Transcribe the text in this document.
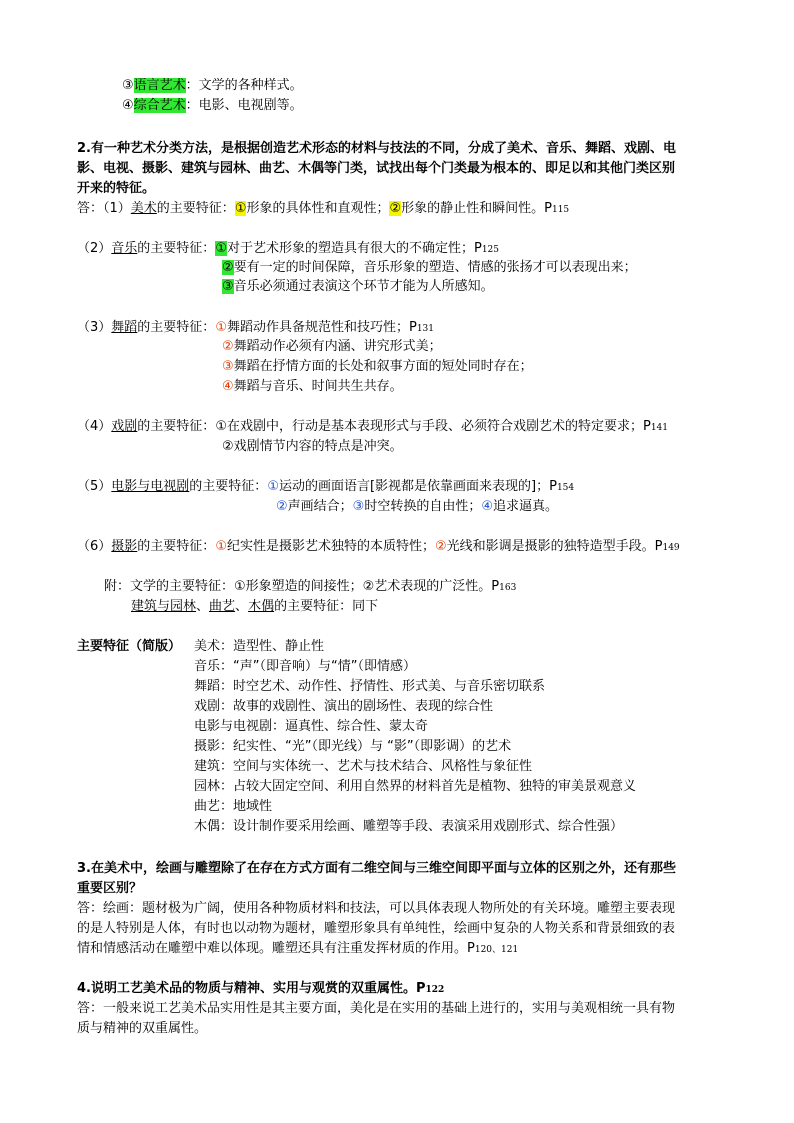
③语言艺术：文学的各种样式。
④综合艺术：电影、电视剧等。
2.有一种艺术分类方法，是根据创造艺术形态的材料与技法的不同，分成了美术、音乐、舞蹈、戏剧、电
影、电视、摄影、建筑与园林、曲艺、木偶等门类，试找出每个门类最为根本的、即足以和其他门类区别
开来的特征。
答：（1）美术的主要特征：①形象的具体性和直观性；②形象的静止性和瞬间性。P115
（2）音乐的主要特征：①对于艺术形象的塑造具有很大的不确定性；P125
②要有一定的时间保障，音乐形象的塑造、情感的张扬才可以表现出来；
③音乐必须通过表演这个环节才能为人所感知。
（3）舞蹈的主要特征：①舞蹈动作具备规范性和技巧性；P131
②舞蹈动作必须有内涵、讲究形式美；
③舞蹈在抒情方面的长处和叙事方面的短处同时存在；
④舞蹈与音乐、时间共生共存。
（4）戏剧的主要特征：①在戏剧中，行动是基本表现形式与手段、必须符合戏剧艺术的特定要求；P141
②戏剧情节内容的特点是冲突。
（5）电影与电视剧的主要特征：①运动的画面语言[影视都是依靠画面来表现的]；P154
②声画结合；③时空转换的自由性；④追求逼真。
（6）摄影的主要特征：①纪实性是摄影艺术独特的本质特性；②光线和影调是摄影的独特造型手段。P149
附：文学的主要特征：①形象塑造的间接性；②艺术表现的广泛性。P163
建筑与园林、曲艺、木偶的主要特征：同下
主要特征（简版） 美术：造型性、静止性
音乐：“声”（即音响）与“情”（即情感）
舞蹈：时空艺术、动作性、抒情性、形式美、与音乐密切联系
戏剧：故事的戏剧性、演出的剧场性、表现的综合性
电影与电视剧：逼真性、综合性、蒙太奇
摄影：纪实性、“光”（即光线）与 “影”（即影调）的艺术
建筑：空间与实体统一、艺术与技术结合、风格性与象征性
园林：占较大固定空间、利用自然界的材料首先是植物、独特的审美景观意义
曲艺：地域性
木偶：设计制作要采用绘画、雕塑等手段、表演采用戏剧形式、综合性强）
3.在美术中，绘画与雕塑除了在存在方式方面有二维空间与三维空间即平面与立体的区别之外，还有那些
重要区别？
答：绘画：题材极为广阔，使用各种物质材料和技法，可以具体表现人物所处的有关环境。雕塑主要表现
的是人特别是人体，有时也以动物为题材，雕塑形象具有单纯性，绘画中复杂的人物关系和背景细致的表
情和情感活动在雕塑中难以体现。雕塑还具有注重发挥材质的作用。P120、121
4.说明工艺美术品的物质与精神、实用与观赏的双重属性。P122
答：一般来说工艺美术品实用性是其主要方面，美化是在实用的基础上进行的，实用与美观相统一具有物
质与精神的双重属性。
